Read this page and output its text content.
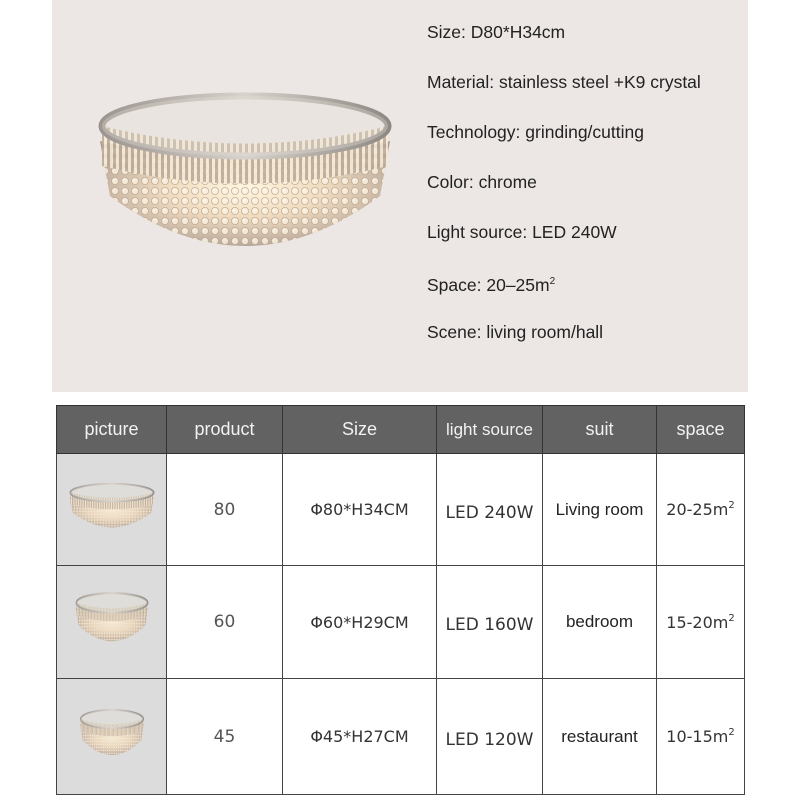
Size: D80*H34cm
Material: stainless steel +K9 crystal
Technology: grinding/cutting
Color: chrome
Light source: LED 240W
Space: $20-25m^2$
Scene: living room/hall
picture	product	Size	light source	suit	space

	80	Φ80*H34CM	LED 240W	Living room	$20-25m^2$

	60	Φ60*H29CM	LED 160W	bedroom	$15-20m^2$

	45	Φ45*H27CM	LED 120W	restaurant	$10-15m^2$
